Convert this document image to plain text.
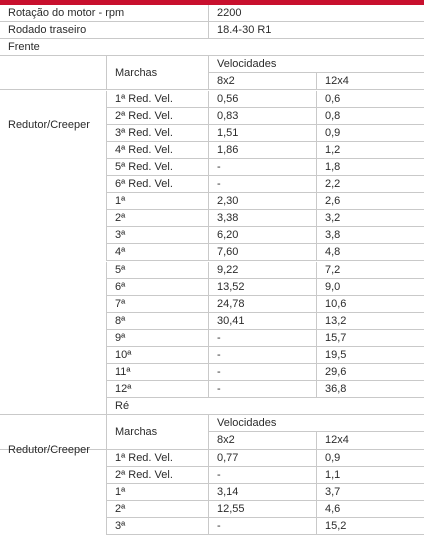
Rotação do motor - rpm	2200
Rodado traseiro	18.4-30 R1
Frente
Marchas
Velocidades
8x2	12x4
Redutor/Creeper
1ª Red. Vel.	0,56	0,6
2ª Red. Vel.	0,83	0,8
3ª Red. Vel.	1,51	0,9
4ª Red. Vel.	1,86	1,2
5ª Red. Vel.	-	1,8
6ª Red. Vel.	-	2,2
1ª	2,30	2,6
2ª	3,38	3,2
3ª	6,20	3,8
4ª	7,60	4,8
5ª	9,22	7,2
6ª	13,52	9,0
7ª	24,78	10,6
8ª	30,41	13,2
9ª	-	15,7
10ª	-	19,5
11ª	-	29,6
12ª	-	36,8
Ré
Marchas
Velocidades
8x2	12x4
Redutor/Creeper
1ª Red. Vel.	0,77	0,9
2ª Red. Vel.	-	1,1
1ª	3,14	3,7
2ª	12,55	4,6
3ª	-	15,2
